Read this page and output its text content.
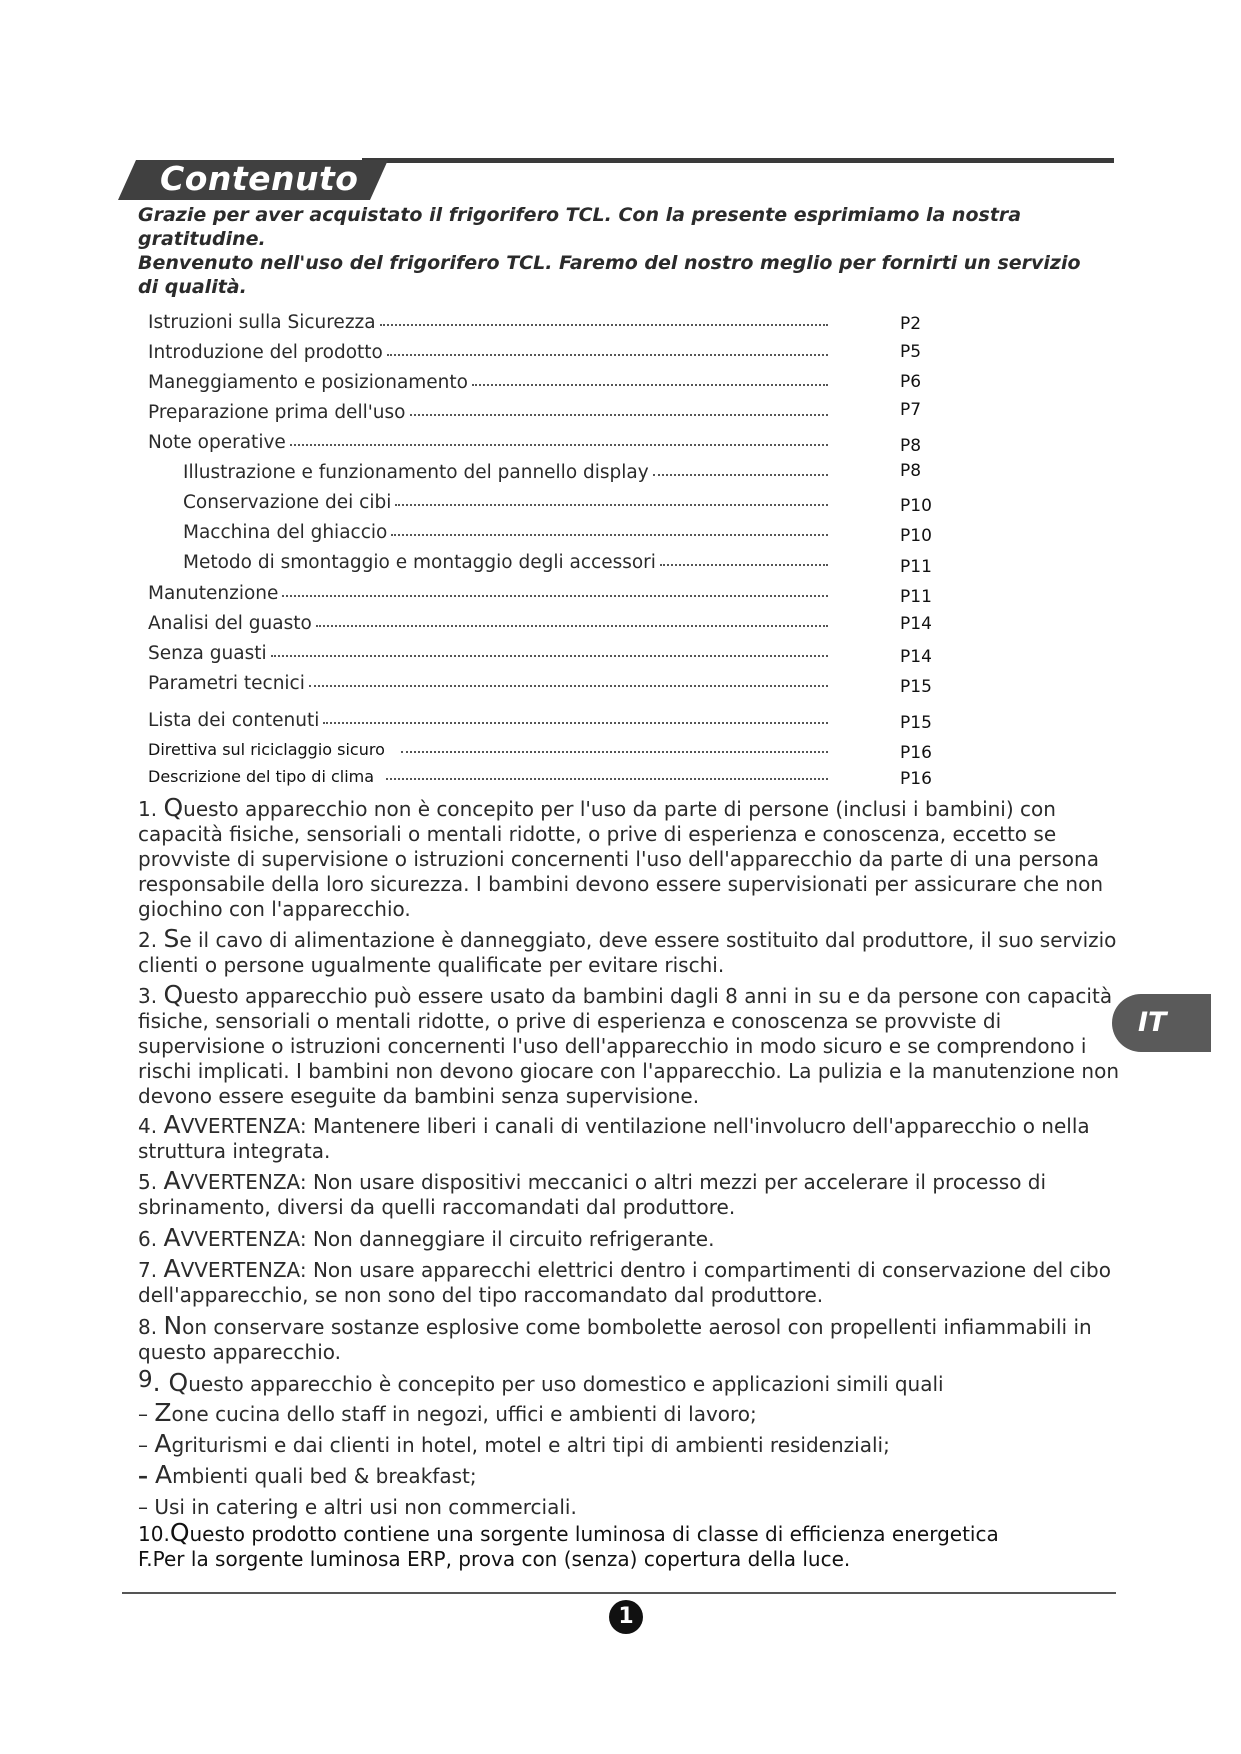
Contenuto
Grazie per aver acquistato il frigorifero TCL. Con la presente esprimiamo la nostra gratitudine.
Benvenuto nell'uso del frigorifero TCL. Faremo del nostro meglio per fornirti un servizio di qualità.
Istruzioni sulla Sicurezza	P2
Introduzione del prodotto	P5
Maneggiamento e posizionamento	P6
Preparazione prima dell'uso	P7
Note operative	P8
Illustrazione e funzionamento del pannello display	P8
Conservazione dei cibi	P10
Macchina del ghiaccio	P10
Metodo di smontaggio e montaggio degli accessori	P11
Manutenzione	P11
Analisi del guasto	P14
Senza guasti	P14
Parametri tecnici	P15
Lista dei contenuti	P15
Direttiva sul riciclaggio sicuro	P16
Descrizione del tipo di clima	P16

1. Questo apparecchio non è concepito per l'uso da parte di persone (inclusi i bambini) con capacità fisiche, sensoriali o mentali ridotte, o prive di esperienza e conoscenza, eccetto se provviste di supervisione o istruzioni concernenti l'uso dell'apparecchio da parte di una persona responsabile della loro sicurezza. I bambini devono essere supervisionati per assicurare che non giochino con l'apparecchio.

2. Se il cavo di alimentazione è danneggiato, deve essere sostituito dal produttore, il suo servizio clienti o persone ugualmente qualificate per evitare rischi.

3. Questo apparecchio può essere usato da bambini dagli 8 anni in su e da persone con capacità fisiche, sensoriali o mentali ridotte, o prive di esperienza e conoscenza se provviste di supervisione o istruzioni concernenti l'uso dell'apparecchio in modo sicuro e se comprendono i rischi implicati. I bambini non devono giocare con l'apparecchio. La pulizia e la manutenzione non devono essere eseguite da bambini senza supervisione.

4. AVVERTENZA: Mantenere liberi i canali di ventilazione nell'involucro dell'apparecchio o nella struttura integrata.

5. AVVERTENZA: Non usare dispositivi meccanici o altri mezzi per accelerare il processo di sbrinamento, diversi da quelli raccomandati dal produttore.

6. AVVERTENZA: Non danneggiare il circuito refrigerante.

7. AVVERTENZA: Non usare apparecchi elettrici dentro i compartimenti di conservazione del cibo dell'apparecchio, se non sono del tipo raccomandato dal produttore.

8. Non conservare sostanze esplosive come bombolette aerosol con propellenti infiammabili in questo apparecchio.

9. Questo apparecchio è concepito per uso domestico e applicazioni simili quali

– Zone cucina dello staff in negozi, uffici e ambienti di lavoro;

– Agriturismi e dai clienti in hotel, motel e altri tipi di ambienti residenziali;

– Ambienti quali bed & breakfast;

– Usi in catering e altri usi non commerciali.

10.Questo prodotto contiene una sorgente luminosa di classe di efficienza energetica F.Per la sorgente luminosa ERP, prova con (senza) copertura della luce.

IT
1
